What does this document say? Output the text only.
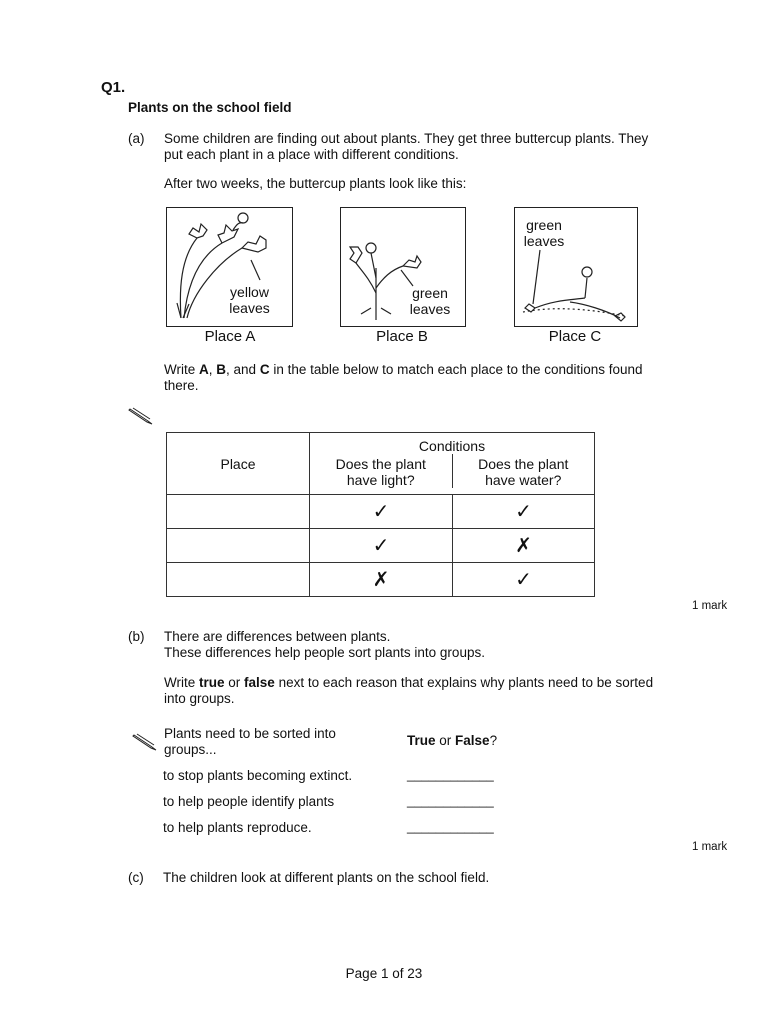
Q1.
Plants on the school field
(a) Some children are finding out about plants. They get three buttercup plants. They
put each plant in a place with different conditions.
After two weeks, the buttercup plants look like this:
yellow
leaves
green
leaves
green
leaves
Place A	Place B	Place C
Write A, B, and C in the table below to match each place to the conditions found
there.
Place	Conditions
Does the plant
have light?
Does the plant
have water?	

	✓	✓
	✓	✗
	✗	✓
1 mark
(b) There are differences between plants.
These differences help people sort plants into groups.
Write true or false next to each reason that explains why plants need to be sorted
into groups.
Plants need to be sorted into
groups...
True or False?
to stop plants becoming extinct.	____________
to help people identify plants	____________
to help plants reproduce.	____________
1 mark
(c) The children look at different plants on the school field.
Page 1 of 23
